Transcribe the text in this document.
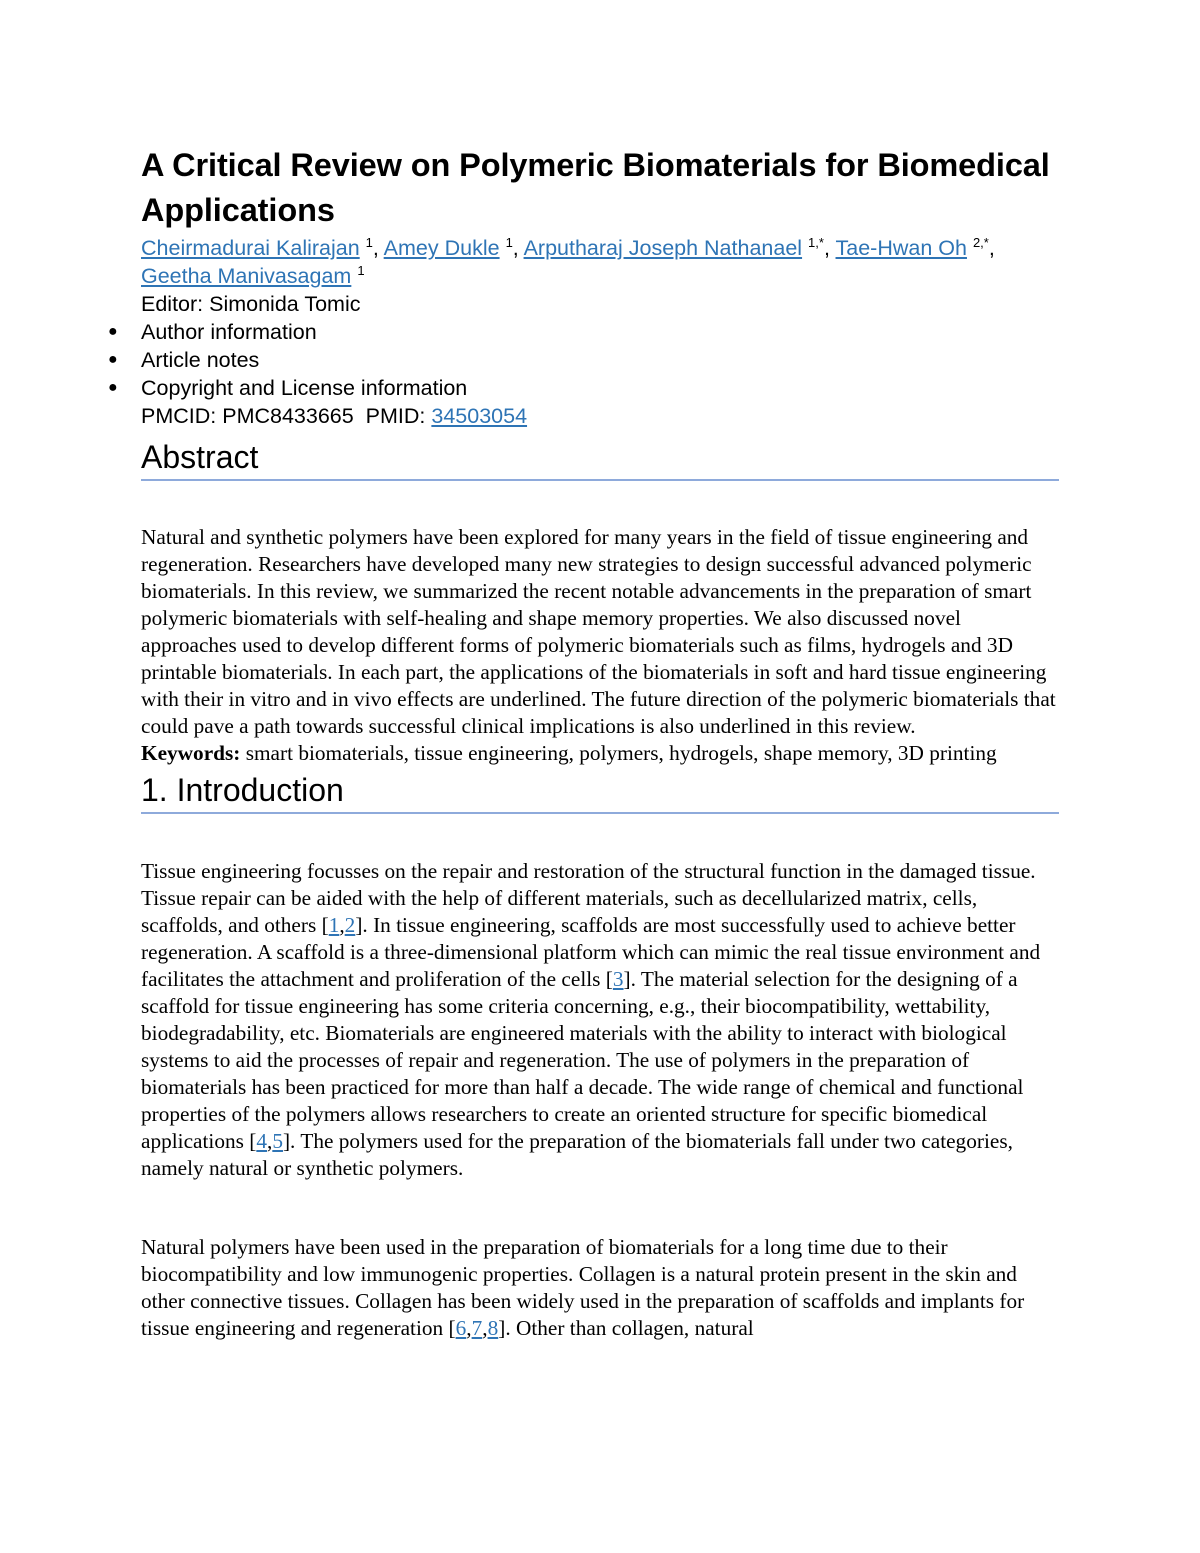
A Critical Review on Polymeric Biomaterials for Biomedical Applications

Cheirmadurai Kalirajan $^1$, Amey Dukle $^1$, Arputharaj Joseph Nathanael $^{1,*}$, Tae-Hwan Oh $^{2,*}$, Geetha Manivasagam $^1$

Editor: Simonida Tomic

● Author information
● Article notes
● Copyright and License information

PMCID: PMC8433665 PMID: 34503054

Abstract

Natural and synthetic polymers have been explored for many years in the field of tissue engineering and regeneration. Researchers have developed many new strategies to design successful advanced polymeric biomaterials. In this review, we summarized the recent notable advancements in the preparation of smart polymeric biomaterials with self-healing and shape memory properties. We also discussed novel approaches used to develop different forms of polymeric biomaterials such as films, hydrogels and 3D printable biomaterials. In each part, the applications of the biomaterials in soft and hard tissue engineering with their in vitro and in vivo effects are underlined. The future direction of the polymeric biomaterials that could pave a path towards successful clinical implications is also underlined in this review.

Keywords: smart biomaterials, tissue engineering, polymers, hydrogels, shape memory, 3D printing

1. Introduction

Tissue engineering focusses on the repair and restoration of the structural function in the damaged tissue. Tissue repair can be aided with the help of different materials, such as decellularized matrix, cells, scaffolds, and others [1,2]. In tissue engineering, scaffolds are most successfully used to achieve better regeneration. A scaffold is a three-dimensional platform which can mimic the real tissue environment and facilitates the attachment and proliferation of the cells [3]. The material selection for the designing of a scaffold for tissue engineering has some criteria concerning, e.g., their biocompatibility, wettability, biodegradability, etc. Biomaterials are engineered materials with the ability to interact with biological systems to aid the processes of repair and regeneration. The use of polymers in the preparation of biomaterials has been practiced for more than half a decade. The wide range of chemical and functional properties of the polymers allows researchers to create an oriented structure for specific biomedical applications [4,5]. The polymers used for the preparation of the biomaterials fall under two categories, namely natural or synthetic polymers.

Natural polymers have been used in the preparation of biomaterials for a long time due to their biocompatibility and low immunogenic properties. Collagen is a natural protein present in the skin and other connective tissues. Collagen has been widely used in the preparation of scaffolds and implants for tissue engineering and regeneration [6,7,8]. Other than collagen, natural
